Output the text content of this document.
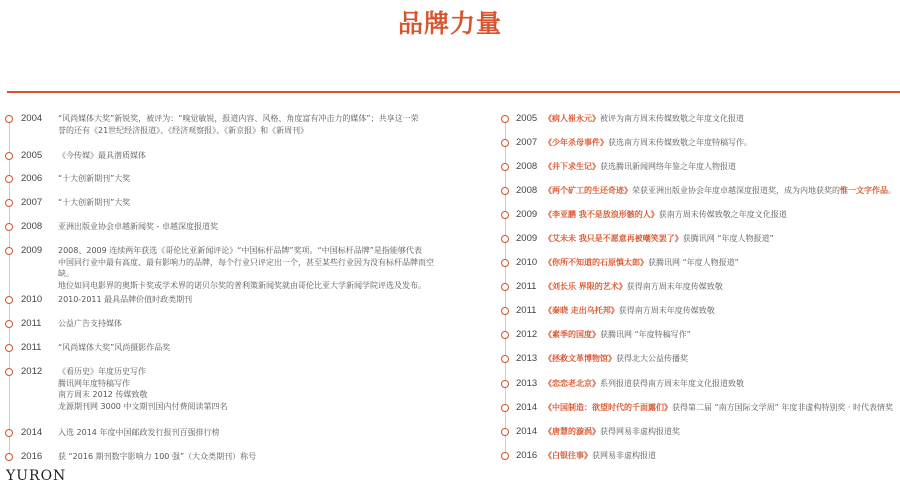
品牌力量
2004 “风尚媒体大奖”新锐奖，被评为：“嗅觉敏锐，报道内容、风格、角度富有冲击力的媒体”；共享这一荣
誉的还有《21世纪经济报道》、《经济观察报》、《新京报》和《新周刊》
2005 《今传媒》最具潜质媒体
2006 “十大创新期刊”大奖
2007 “十大创新期刊”大奖
2008 亚洲出版业协会卓越新闻奖 - 卓越深度报道奖
2009 2008、2009 连续两年获选《哥伦比亚新闻评论》“中国标杆品牌”奖项。“中国标杆品牌”是指能够代表
中国同行业中最有高度、最有影响力的品牌，每个行业只评定出一个，甚至某些行业因为没有标杆品牌而空缺。
地位如同电影界的奥斯卡奖或学术界的诺贝尔奖的普利策新闻奖就由哥伦比亚大学新闻学院评选及发布。
2010 2010-2011 最具品牌价值时政类期刊
2011 公益广告支持媒体
2011 “风尚媒体大奖”风尚摄影作品奖
2012 《看历史》年度历史写作
腾讯网年度特稿写作
南方周末 2012 传媒致敬
龙源期刊网 3000 中文期刊国内付费阅读第四名
2014 入选 2014 年度中国邮政发行报刊百强排行榜
2016 获 “2016 期刊数字影响力 100 强”（大众类期刊）称号
2005 《病人崔永元》被评为南方周末传媒致敬之年度文化报道
2007 《少年杀母事件》获选南方周末传媒致敬之年度特稿写作。
2008 《井下求生记》获选腾讯新闻网络年鉴之年度人物报道
2008 《两个矿工的生还奇迹》荣获亚洲出版业协会年度卓越深度报道奖，成为内地获奖的惟一文字作品。
2009 《李亚鹏 我不是放浪形骸的人》获南方周末传媒致敬之年度文化报道
2009 《艾未未 我只是不愿意再被嘲笑罢了》获腾讯网 “年度人物报道”
2010 《你所不知道的石原慎太郎》获腾讯网 “年度人物报道”
2011 《刘长乐 界限的艺术》获得南方周末年度传媒致敬
2011 《秦晓 走出乌托邦》获得南方周末年度传媒致敬
2012 《素季的国度》获腾讯网 “年度特稿写作”
2013 《拯救文革博物馆》获得北大公益传播奖
2013 《恋恋老北京》系列报道获得南方周末年度文化报道致敬
2014 《中国制造：欲望时代的千面露们》获得第二届 “南方国际文学周” 年度非虚构特别奖 · 时代表情奖
2014 《唐慧的漩涡》获得网易非虚构报道奖
2016 《白银往事》获网易非虚构报道
YURON
